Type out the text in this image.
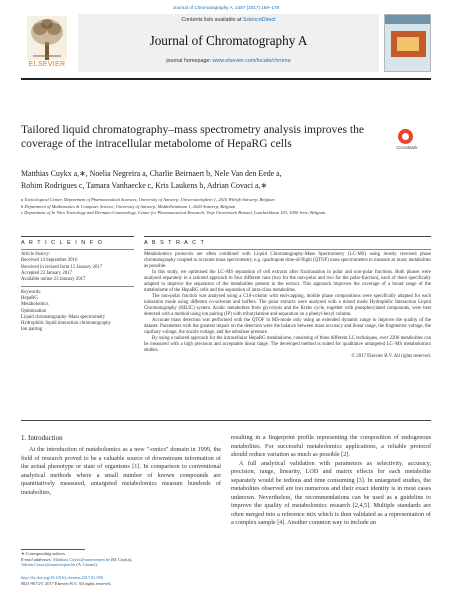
Journal of Chromatography A, 1487 (2017) 168–178
ELSEVIER
Contents lists available at ScienceDirect
Journal of Chromatography A
journal homepage: www.elsevier.com/locate/chroma
Tailored liquid chromatography–mass spectrometry analysis improves the coverage of the intracellular metabolome of HepaRG cells	CrossMark
Matthias Cuykx a,∗, Noelia Negreira a, Charlie Beirnaert b, Nele Van den Eede a,
Robim Rodrigues c, Tamara Vanhaecke c, Kris Laukens b, Adrian Covaci a,∗
a Toxicological Center, Department of Pharmaceutical Sciences, University of Antwerp, Universiteitsplein 1, 2610 Wilrijk-Antwerp, Belgium
b Department of Mathematics & Computer Science, University of Antwerp, Middelheimlaan 1, 2020 Antwerp, Belgium
c Department of In Vitro Toxicology and Dermato-Cosmetology, Center for Pharmaceutical Research, Vrije Universiteit Brussel, Laarbeeklaan 103, 1090 Jette, Belgium
A R T I C L E I N F O	A B S T R A C T
Article history:
Received 14 September 2016
Received in revised form 15 January 2017
Accepted 22 January 2017
Available online 23 January 2017
Keywords:
HepaRG
Metabolomics
Optimization
Liquid chromatography–Mass spectrometry
Hydrophilic liquid interaction chromatography
Ion pairing

Metabolomics protocols are often combined with Liquid Chromatography-Mass Spectrometry (LC-MS) using mostly reversed phase chromatography coupled to accurate mass spectrometry, e.g. quadrupole time-of-flight (QTOF) mass spectrometers to measure as many metabolites as possible.

In this study, we optimised the LC–MS separation of cell extracts after fractionation in polar and non-polar fractions. Both phases were analysed separately in a tailored approach in four different runs (two for the non-polar and two for the polar-fraction), each of them specifically adapted to improve the separation of the metabolites present in the extract. This approach improves the coverage of a broad range of the metabolome of the HepaRG cells and the separation of intra-class metabolites.

The non-polar fraction was analysed using a C18-column with end-capping, mobile phase compositions were specifically adapted for each ionisation mode using different co-solvents and buffers. The polar extracts were analysed with a mixed mode Hydrophilic Interaction Liquid Chromatography (HILIC) system. Acidic metabolites from glycolysis and the Krebs cycle, together with phosphorylated compounds, were best detected with a method using ion pairing (IP) with tributylamine and separation on a phenyl-hexyl column.

Accurate mass detection was performed with the QTOF in MS-mode only using an extended dynamic range to improve the quality of the dataset. Parameters with the greatest impact on the detection were the balance between mass accuracy and linear range, the fragmentor voltage, the capillary voltage, the nozzle voltage, and the nebuliser pressure.

By using a tailored approach for the intracellular HepaRG metabolome, consisting of three different LC techniques, over 2200 metabolites can be measured with a high precision and acceptable linear range. The developed method is suited for qualitative untargeted LC–MS metabolomics studies.

© 2017 Elsevier B.V. All rights reserved.

1. Introduction

At the introduction of metabolomics as a new "-omics" domain in 1999, the field of research proved to be a valuable source of downstream information of the actual phenotype or state of organisms [1]. In comparison to conventional analytical methods where a small number of known compounds are quantitatively measured, untargeted metabolomics measure hundreds of metabolites,

resulting in a fingerprint profile representing the composition of endogenous metabolites. For successful metabolomics applications, a reliable protocol should reduce variation as much as possible [2].

A full analytical validation with parameters as selectivity, accuracy, precision, range, linearity, LOD and matrix effects for each metabolite separately would be tedious and time consuming [3]. In untargeted studies, the metabolites observed are too numerous and their exact identity is in most cases unknown. Nevertheless, the recommendations can be used as a guideline to improve the quality of metabolomics research [2,4,5]. Multiple standards are often merged into a reference mix which is then validated as a representation of a complex sample [4]. Another common way to include an

∗ Corresponding authors.
E-mail addresses: Matthias.Cuykx@uantwerpen.be (M. Cuykx),
Adrian.Covaci@uantwerpen.be (A. Covaci).
http://dx.doi.org/10.1016/j.chroma.2017.01.050
0021-9673/© 2017 Elsevier B.V. All rights reserved.
